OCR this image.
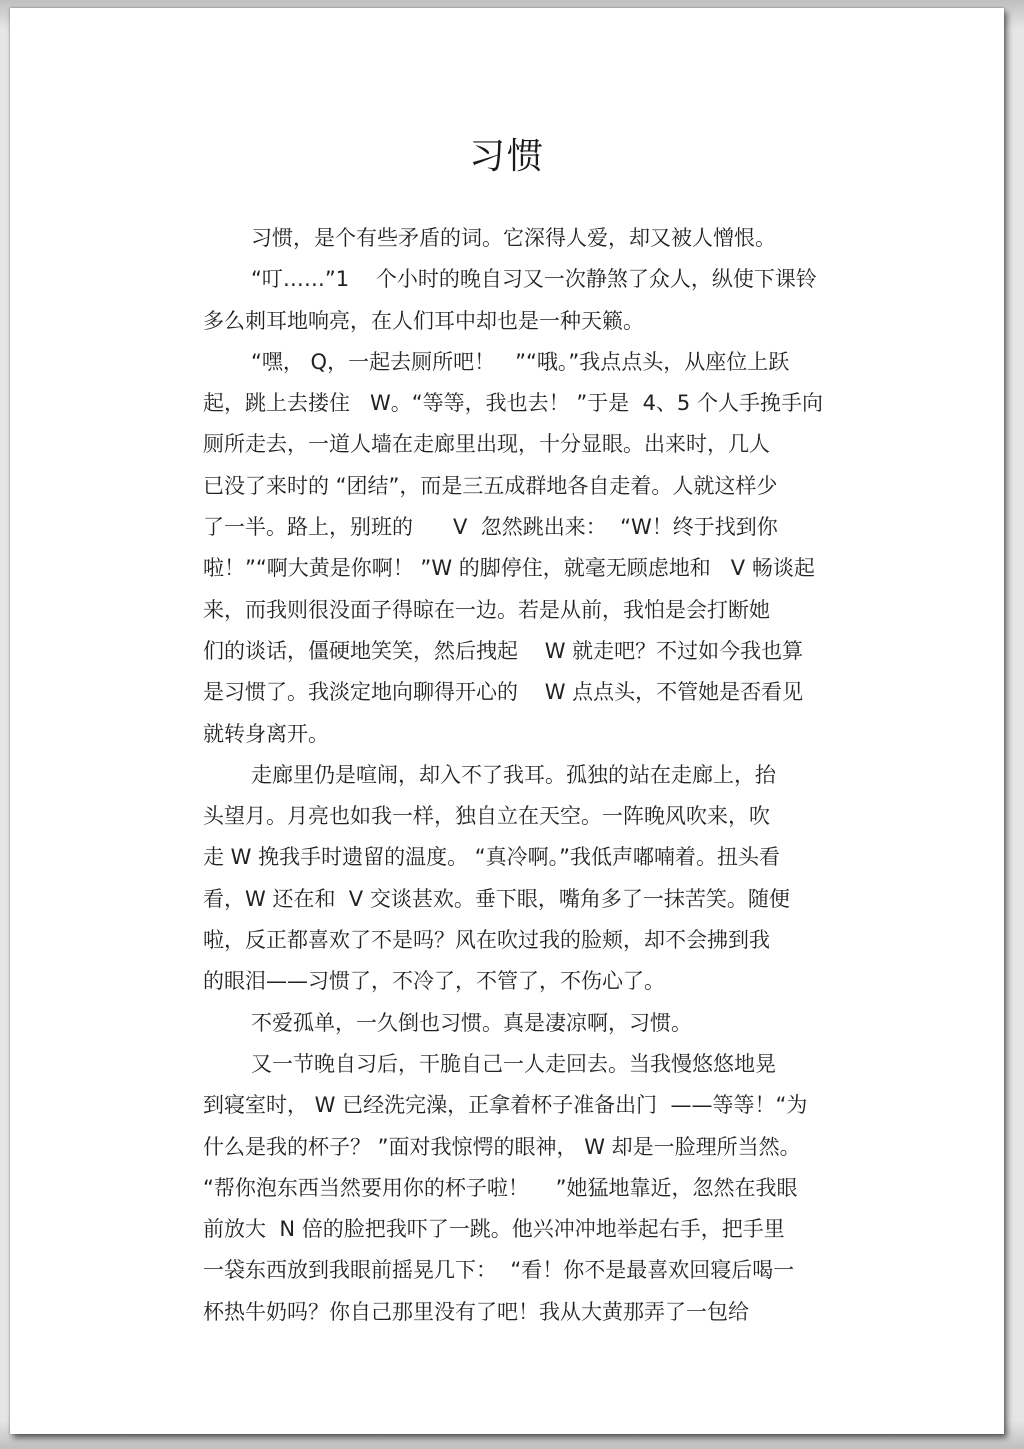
习惯
习惯，是个有些矛盾的词。它深得人爱，却又被人憎恨。
“叮……”1    个小时的晚自习又一次静煞了众人，纵使下课铃
多么刺耳地响亮，在人们耳中却也是一种天籁。
“嘿， Q，一起去厕所吧！   ”“哦。”我点点头，从座位上跃
起，跳上去搂住   W。“等等，我也去！ ”于是  4、5 个人手挽手向
厕所走去，一道人墙在走廊里出现，十分显眼。出来时，几人
已没了来时的 “团结”，而是三五成群地各自走着。人就这样少
了一半。路上，别班的      V  忽然跳出来：  “W！终于找到你
啦！”“啊大黄是你啊！ ”W 的脚停住，就毫无顾虑地和   V 畅谈起
来，而我则很没面子得晾在一边。若是从前，我怕是会打断她
们的谈话，僵硬地笑笑，然后拽起    W 就走吧？不过如今我也算
是习惯了。我淡定地向聊得开心的    W 点点头，不管她是否看见
就转身离开。
走廊里仍是喧闹，却入不了我耳。孤独的站在走廊上，抬
头望月。月亮也如我一样，独自立在天空。一阵晚风吹来，吹
走 W 挽我手时遗留的温度。 “真冷啊。”我低声嘟喃着。扭头看
看，W 还在和  V 交谈甚欢。垂下眼，嘴角多了一抹苦笑。随便
啦，反正都喜欢了不是吗？风在吹过我的脸颊，却不会拂到我
的眼泪——习惯了，不冷了，不管了，不伤心了。
不爱孤单，一久倒也习惯。真是凄凉啊，习惯。
又一节晚自习后，干脆自己一人走回去。当我慢悠悠地晃
到寝室时， W 已经洗完澡，正拿着杯子准备出门  ——等等！“为
什么是我的杯子？ ”面对我惊愕的眼神， W 却是一脸理所当然。
“帮你泡东西当然要用你的杯子啦！    ”她猛地靠近，忽然在我眼
前放大  N 倍的脸把我吓了一跳。他兴冲冲地举起右手，把手里
一袋东西放到我眼前摇晃几下：  “看！你不是最喜欢回寝后喝一
杯热牛奶吗？你自己那里没有了吧！我从大黄那弄了一包给
